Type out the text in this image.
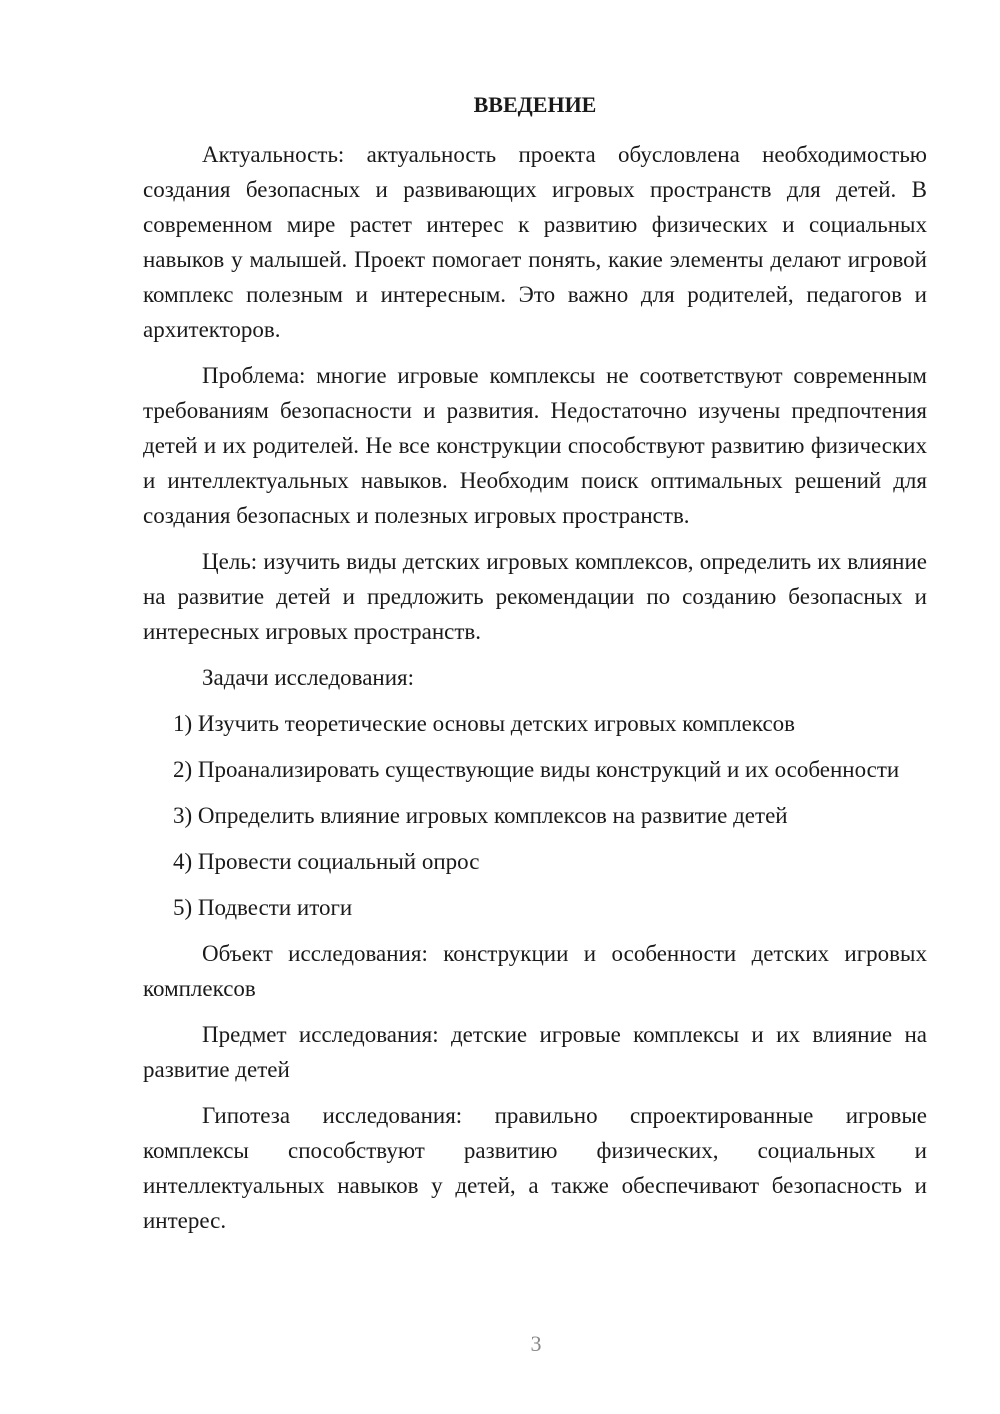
ВВЕДЕНИЕ

Актуальность: актуальность проекта обусловлена необходимостью создания безопасных и развивающих игровых пространств для детей. В современном мире растет интерес к развитию физических и социальных навыков у малышей. Проект помогает понять, какие элементы делают игровой комплекс полезным и интересным. Это важно для родителей, педагогов и архитекторов.

Проблема: многие игровые комплексы не соответствуют современным требованиям безопасности и развития. Недостаточно изучены предпочтения детей и их родителей. Не все конструкции способствуют развитию физических и интеллектуальных навыков. Необходим поиск оптимальных решений для создания безопасных и полезных игровых пространств.

Цель: изучить виды детских игровых комплексов, определить их влияние на развитие детей и предложить рекомендации по созданию безопасных и интересных игровых пространств.

Задачи исследования:

1) Изучить теоретические основы детских игровых комплексов

2) Проанализировать существующие виды конструкций и их особенности

3) Определить влияние игровых комплексов на развитие детей

4) Провести социальный опрос

5) Подвести итоги

Объект исследования: конструкции и особенности детских игровых комплексов

Предмет исследования: детские игровые комплексы и их влияние на развитие детей

Гипотеза исследования: правильно спроектированные игровые комплексы способствуют развитию физических, социальных и интеллектуальных навыков у детей, а также обеспечивают безопасность и интерес.

3
